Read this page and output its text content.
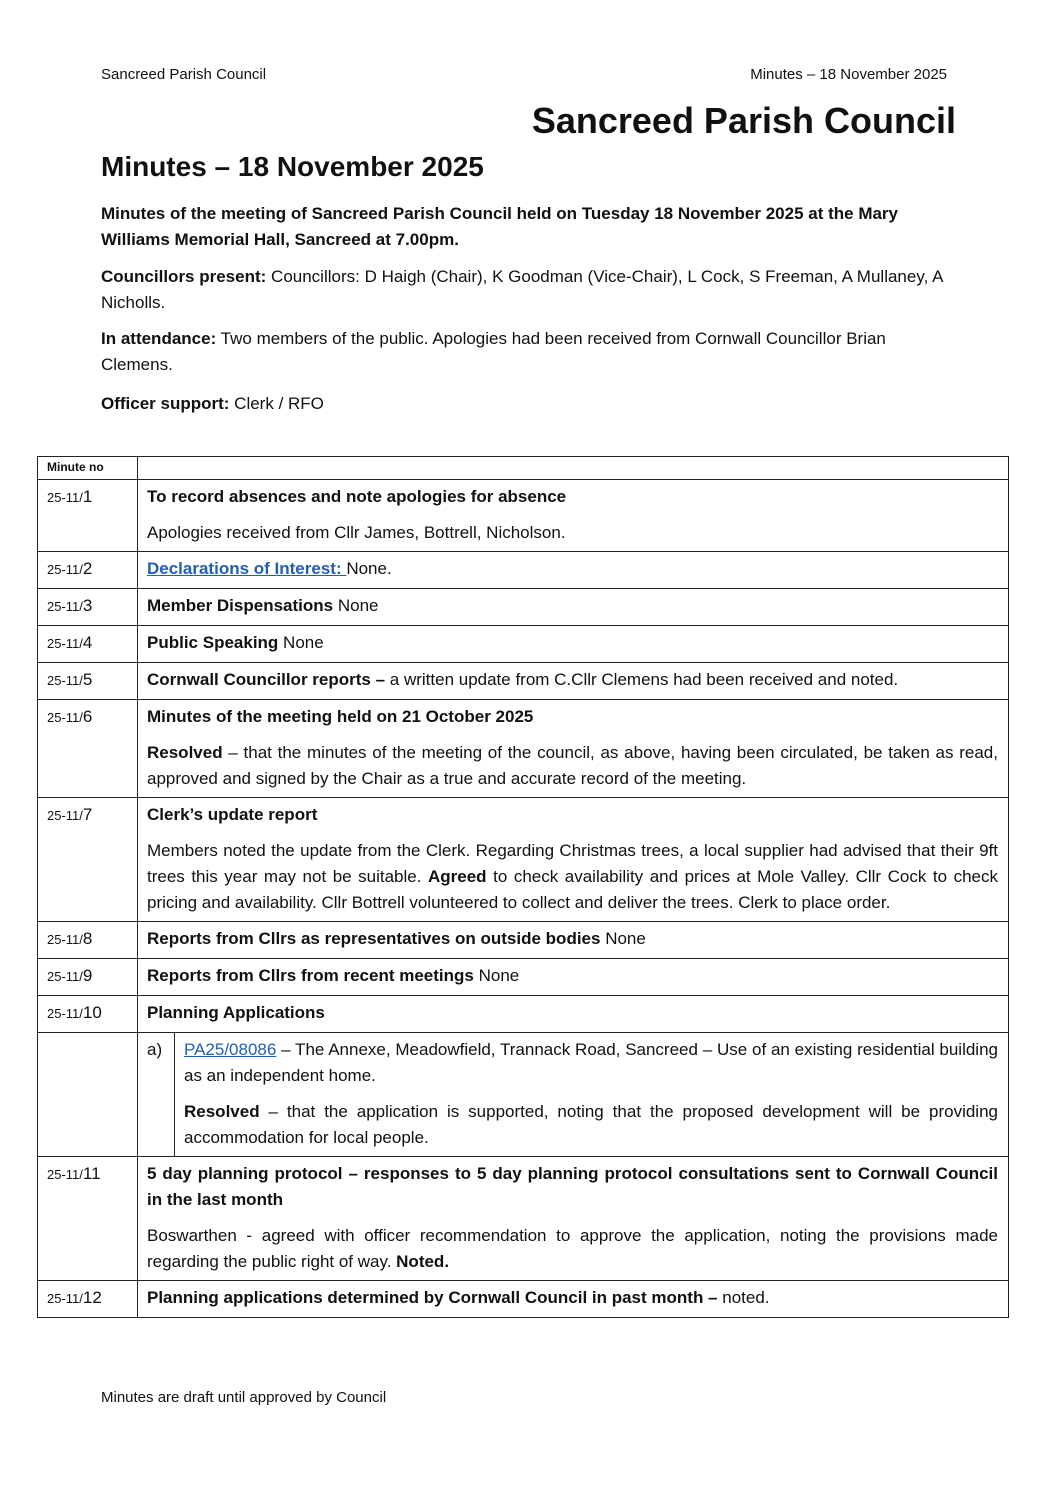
Sancreed Parish Council	Minutes – 18 November 2025
Sancreed Parish Council
Minutes – 18 November 2025

Minutes of the meeting of Sancreed Parish Council held on Tuesday 18 November 2025 at the Mary Williams Memorial Hall, Sancreed at 7.00pm.

Councillors present: Councillors: D Haigh (Chair), K Goodman (Vice-Chair), L Cock, S Freeman, A Mullaney, A Nicholls.

In attendance: Two members of the public. Apologies had been received from Cornwall Councillor Brian Clemens.

Officer support: Clerk / RFO

Minute no	
25-11/1	To record absences and note apologies for absence

Apologies received from Cllr James, Bottrell, Nicholson.

25-11/2	Declarations of Interest: None.

25-11/3	Member Dispensations None

25-11/4	Public Speaking None

25-11/5	Cornwall Councillor reports – a written update from C.Cllr Clemens had been received and noted.

25-11/6	Minutes of the meeting held on 21 October 2025

Resolved – that the minutes of the meeting of the council, as above, having been circulated, be taken as read, approved and signed by the Chair as a true and accurate record of the meeting.

25-11/7	Clerk’s update report

Members noted the update from the Clerk. Regarding Christmas trees, a local supplier had advised that their 9ft trees this year may not be suitable. Agreed to check availability and prices at Mole Valley. Cllr Cock to check pricing and availability. Cllr Bottrell volunteered to collect and deliver the trees. Clerk to place order.

25-11/8	Reports from Cllrs as representatives on outside bodies None

25-11/9	Reports from Cllrs from recent meetings None

25-11/10	Planning Applications

a)	PA25/08086 – The Annexe, Meadowfield, Trannack Road, Sancreed – Use of an existing residential building as an independent home.

Resolved – that the application is supported, noting that the proposed development will be providing accommodation for local people.

25-11/11	5 day planning protocol – responses to 5 day planning protocol consultations sent to Cornwall Council in the last month

Boswarthen - agreed with officer recommendation to approve the application, noting the provisions made regarding the public right of way. Noted.

25-11/12	Planning applications determined by Cornwall Council in past month – noted.

Minutes are draft until approved by Council
